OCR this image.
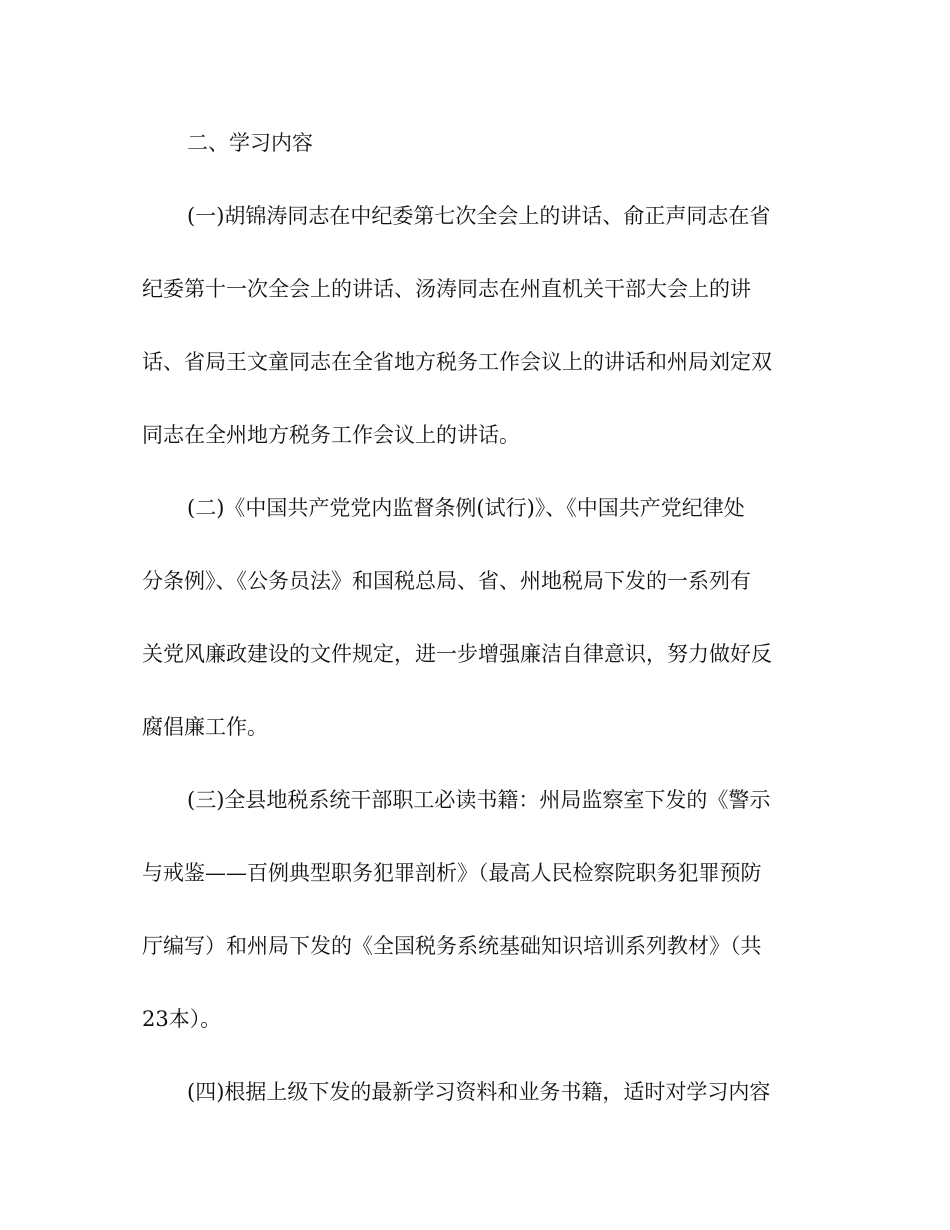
二、学习内容
(一)胡锦涛同志在中纪委第七次全会上的讲话、俞正声同志在省
纪委第十一次全会上的讲话、汤涛同志在州直机关干部大会上的讲
话、省局王文童同志在全省地方税务工作会议上的讲话和州局刘定双
同志在全州地方税务工作会议上的讲话。
(二)《中国共产党党内监督条例(试行)》、《中国共产党纪律处
分条例》、《公务员法》和国税总局、省、州地税局下发的一系列有
关党风廉政建设的文件规定，进一步增强廉洁自律意识，努力做好反
腐倡廉工作。
(三)全县地税系统干部职工必读书籍：州局监察室下发的《警示
与戒鉴——百例典型职务犯罪剖析》（最高人民检察院职务犯罪预防
厅编写）和州局下发的《全国税务系统基础知识培训系列教材》（共
23本）。
(四)根据上级下发的最新学习资料和业务书籍，适时对学习内容
